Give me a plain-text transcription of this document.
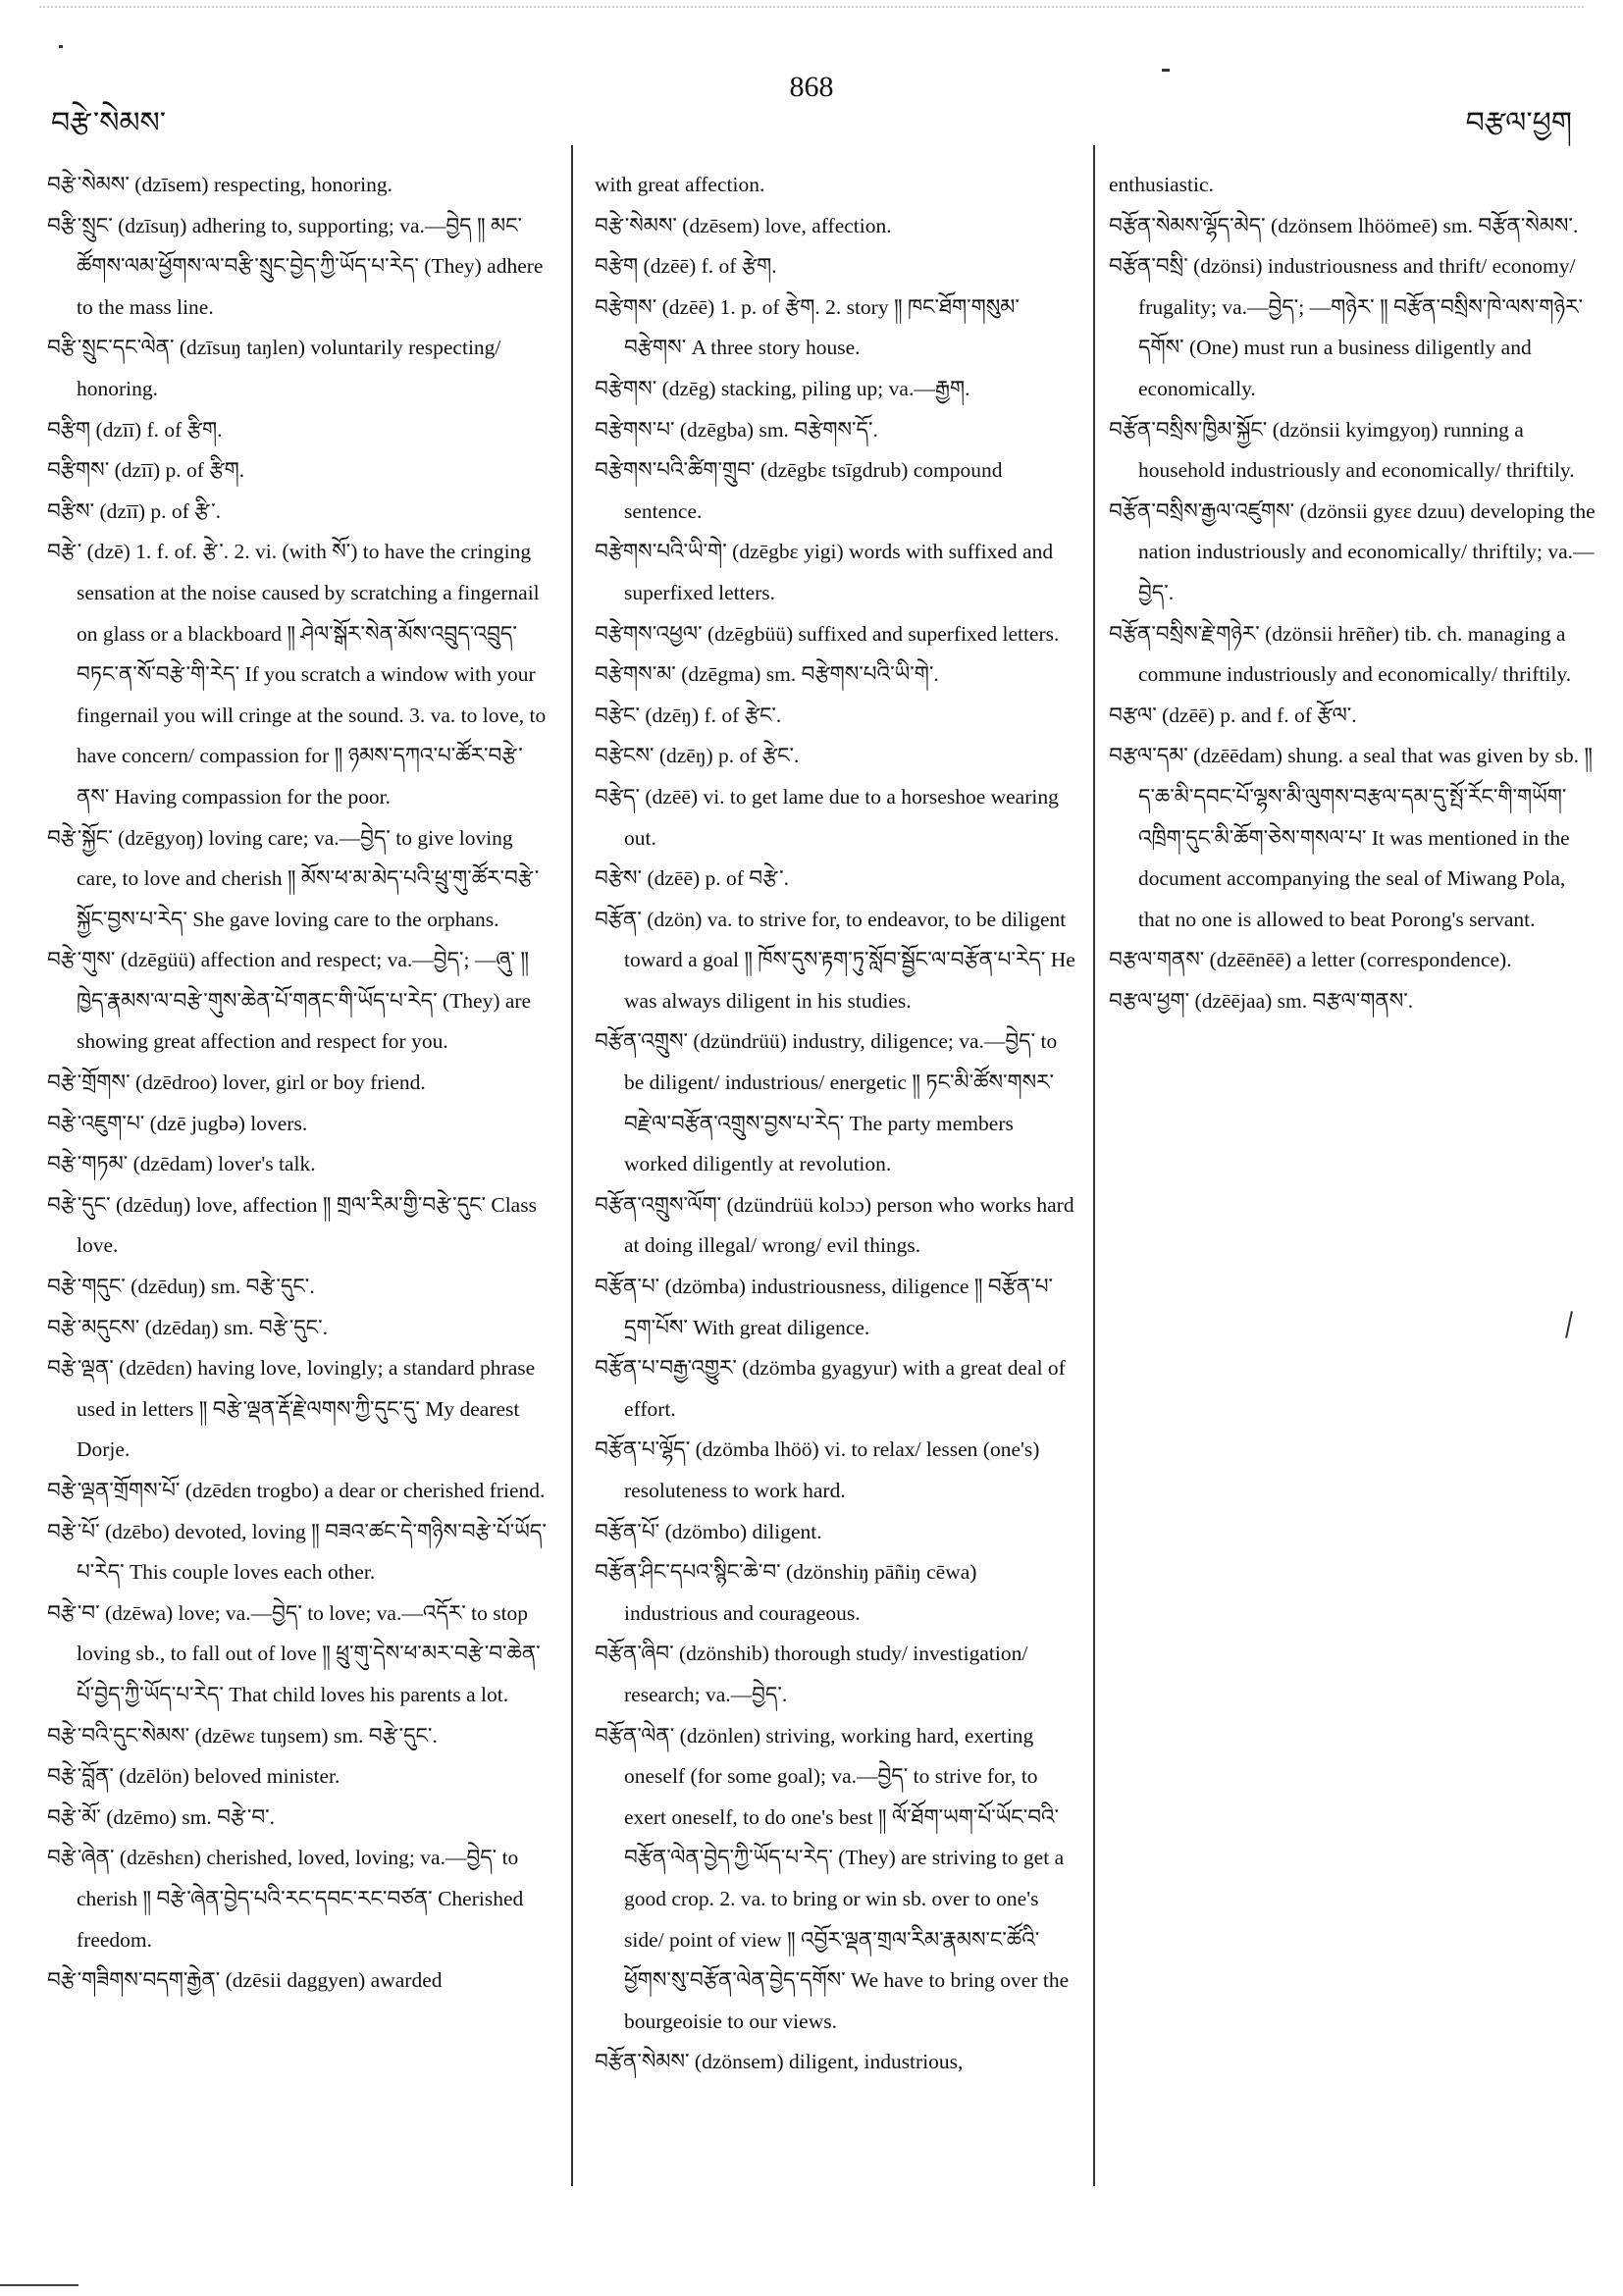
བརྩེ་སེམས་
868
བརྩལ་ཕྱག

བརྩེ་སེམས་ (dzīsem) respecting, honoring.

བརྩི་སྲུང་ (dzīsuŋ) adhering to, supporting; va.—བྱེད ༎ མང་ཚོགས་ལམ་ཕྱོགས་ལ་བརྩི་སྲུང་བྱེད་ཀྱི་ཡོད་པ་རེད་ (They) adhere to the mass line.

བརྩི་སྲུང་དང་ལེན་ (dzīsuŋ taŋlen) voluntarily respecting/ honoring.

བརྩིག (dzīī) f. of རྩིག.

བརྩིགས་ (dzīī) p. of རྩིག.

བརྩིས་ (dzīī) p. of རྩི་.

བརྩེ་ (dzē) 1. f. of. རྩེ་. 2. vi. (with སོ་) to have the cringing sensation at the noise caused by scratching a fingernail on glass or a blackboard ༎ ཤེལ་སྒོར་སེན་མོས་འབྲུད་འབྲུད་བཏང་ན་སོ་བརྩེ་གི་རེད་ If you scratch a window with your fingernail you will cringe at the sound. 3. va. to love, to have concern/ compassion for ༎ ཉམས་དཀའ་པ་ཚོར་བརྩེ་ནས་ Having compassion for the poor.

བརྩེ་སྐྱོང་ (dzēgyoŋ) loving care; va.—བྱེད་ to give loving care, to love and cherish ༎ མོས་ཕ་མ་མེད་པའི་ཕྲུ་གུ་ཚོར་བརྩེ་སྐྱོང་བྱས་པ་རེད་ She gave loving care to the orphans.

བརྩེ་གུས་ (dzēgüü) affection and respect; va.—བྱེད་; —ཞུ་ ༎ ཁྱེད་རྣམས་ལ་བརྩེ་གུས་ཆེན་པོ་གནང་གི་ཡོད་པ་རེད་ (They) are showing great affection and respect for you.

བརྩེ་གྲོགས་ (dzēdroo) lover, girl or boy friend.

བརྩེ་འཇུག་པ་ (dzē jugbə) lovers.

བརྩེ་གཏམ་ (dzēdam) lover's talk.

བརྩེ་དུང་ (dzēduŋ) love, affection ༎ གྲལ་རིམ་གྱི་བརྩེ་དུང་ Class love.

བརྩེ་གདུང་ (dzēduŋ) sm. བརྩེ་དུང་.

བརྩེ་མདུངས་ (dzēdaŋ) sm. བརྩེ་དུང་.

བརྩེ་ལྡན་ (dzēdɛn) having love, lovingly; a standard phrase used in letters ༎ བརྩེ་ལྡན་རྡོ་རྗེ་ལགས་ཀྱི་དུང་དུ་ My dearest Dorje.

བརྩེ་ལྡན་གྲོགས་པོ་ (dzēdɛn trogbo) a dear or cherished friend.

བརྩེ་པོ་ (dzēbo) devoted, loving ༎ བཟའ་ཚང་དེ་གཉིས་བརྩེ་པོ་ཡོད་པ་རེད་ This couple loves each other.

བརྩེ་བ་ (dzēwa) love; va.—བྱེད་ to love; va.—འདོར་ to stop loving sb., to fall out of love ༎ ཕྲུ་གུ་དེས་ཕ་མར་བརྩེ་བ་ཆེན་པོ་བྱེད་ཀྱི་ཡོད་པ་རེད་ That child loves his parents a lot.

བརྩེ་བའི་དུང་སེམས་ (dzēwɛ tuŋsem) sm. བརྩེ་དུང་.

བརྩེ་བློན་ (dzēlön) beloved minister.

བརྩེ་མོ་ (dzēmo) sm. བརྩེ་བ་.

བརྩེ་ཞེན་ (dzēshɛn) cherished, loved, loving; va.—བྱེད་ to cherish ༎ བརྩེ་ཞེན་བྱེད་པའི་རང་དབང་རང་བཙན་ Cherished freedom.

བརྩེ་གཟིགས་བདག་རྒྱེན་ (dzēsii daggyen) awarded

with great affection.

བརྩེ་སེམས་ (dzēsem) love, affection.

བརྩེག (dzēē) f. of རྩེག.

བརྩེགས་ (dzēē) 1. p. of རྩེག. 2. story ༎ ཁང་ཐོག་གསུམ་བརྩེགས་ A three story house.

བརྩེགས་ (dzēg) stacking, piling up; va.—རྒྱག.

བརྩེགས་པ་ (dzēgba) sm. བརྩེགས་དོ་.

བརྩེགས་པའི་ཚིག་གྲུབ་ (dzēgbɛ tsīgdrub) compound sentence.

བརྩེགས་པའི་ཡི་གེ་ (dzēgbɛ yigi) words with suffixed and superfixed letters.

བརྩེགས་འཕྱལ་ (dzēgbüü) suffixed and superfixed letters.

བརྩེགས་མ་ (dzēgma) sm. བརྩེགས་པའི་ཡི་གེ་.

བརྩེང་ (dzēŋ) f. of རྩེང་.

བརྩེངས་ (dzēŋ) p. of རྩེང་.

བརྩེད་ (dzēē) vi. to get lame due to a horseshoe wearing out.

བརྩེས་ (dzēē) p. of བརྩེ་.

བརྩོན་ (dzön) va. to strive for, to endeavor, to be diligent toward a goal ༎ ཁོས་དུས་རྟག་ཏུ་སློབ་སྦྱོང་ལ་བརྩོན་པ་རེད་ He was always diligent in his studies.

བརྩོན་འགྲུས་ (dzündrüü) industry, diligence; va.—བྱེད་ to be diligent/ industrious/ energetic ༎ ཏང་མི་ཚོས་གསར་བརྗེ་ལ་བརྩོན་འགྲུས་བྱས་པ་རེད་ The party members worked diligently at revolution.

བརྩོན་འགྲུས་ལོག་ (dzündrüü kolɔɔ) person who works hard at doing illegal/ wrong/ evil things.

བརྩོན་པ་ (dzömba) industriousness, diligence ༎ བརྩོན་པ་དྲག་པོས་ With great diligence.

བརྩོན་པ་བརྒྱ་འགྱུར་ (dzömba gyagyur) with a great deal of effort.

བརྩོན་པ་ལྷོད་ (dzömba lhöö) vi. to relax/ lessen (one's) resoluteness to work hard.

བརྩོན་པོ་ (dzömbo) diligent.

བརྩོན་ཤིང་དཔའ་སྙིང་ཆེ་བ་ (dzönshiŋ pāñiŋ cēwa) industrious and courageous.

བརྩོན་ཞིབ་ (dzönshib) thorough study/ investigation/ research; va.—བྱེད་.

བརྩོན་ལེན་ (dzönlen) striving, working hard, exerting oneself (for some goal); va.—བྱེད་ to strive for, to exert oneself, to do one's best ༎ ལོ་ཐོག་ཡག་པོ་ཡོང་བའི་བརྩོན་ལེན་བྱེད་ཀྱི་ཡོད་པ་རེད་ (They) are striving to get a good crop. 2. va. to bring or win sb. over to one's side/ point of view ༎ འབྱོར་ལྡན་གྲལ་རིམ་རྣམས་ང་ཚོའི་ཕྱོགས་སུ་བརྩོན་ལེན་བྱེད་དགོས་ We have to bring over the bourgeoisie to our views.

བརྩོན་སེམས་ (dzönsem) diligent, industrious,

enthusiastic.

བརྩོན་སེམས་ལྷོད་མེད་ (dzönsem lhöömeē) sm. བརྩོན་སེམས་.

བརྩོན་བསྲི་ (dzönsi) industriousness and thrift/ economy/ frugality; va.—བྱེད་; —གཉེར་ ༎ བརྩོན་བསྲིས་ཁེ་ལས་གཉེར་དགོས་ (One) must run a business diligently and economically.

བརྩོན་བསྲིས་ཁྱིམ་སྐྱོང་ (dzönsii kyimgyoŋ) running a household industriously and economically/ thriftily.

བརྩོན་བསྲིས་རྒྱལ་འཛུགས་ (dzönsii gyɛɛ dzuu) developing the nation industriously and economically/ thriftily; va.—བྱེད་.

བརྩོན་བསྲིས་རྗེ་གཉེར་ (dzönsii hrēñer) tib. ch. managing a commune industriously and economically/ thriftily.

བརྩལ་ (dzēē) p. and f. of རྩོལ་.

བརྩལ་དམ་ (dzēēdam) shung. a seal that was given by sb. ༎ ད་ཆ་མི་དབང་པོ་ལྷས་མི་ལུགས་བརྩལ་དམ་དུ་སྤོ་རོང་གི་གཡོག་འཁྲིག་དུང་མི་ཆོག་ཅེས་གསལ་པ་ It was mentioned in the document accompanying the seal of Miwang Pola, that no one is allowed to beat Porong's servant.

བརྩལ་གནས་ (dzēēnēē) a letter (correspondence).

བརྩལ་ཕྱག་ (dzēējaa) sm. བརྩལ་གནས་.
